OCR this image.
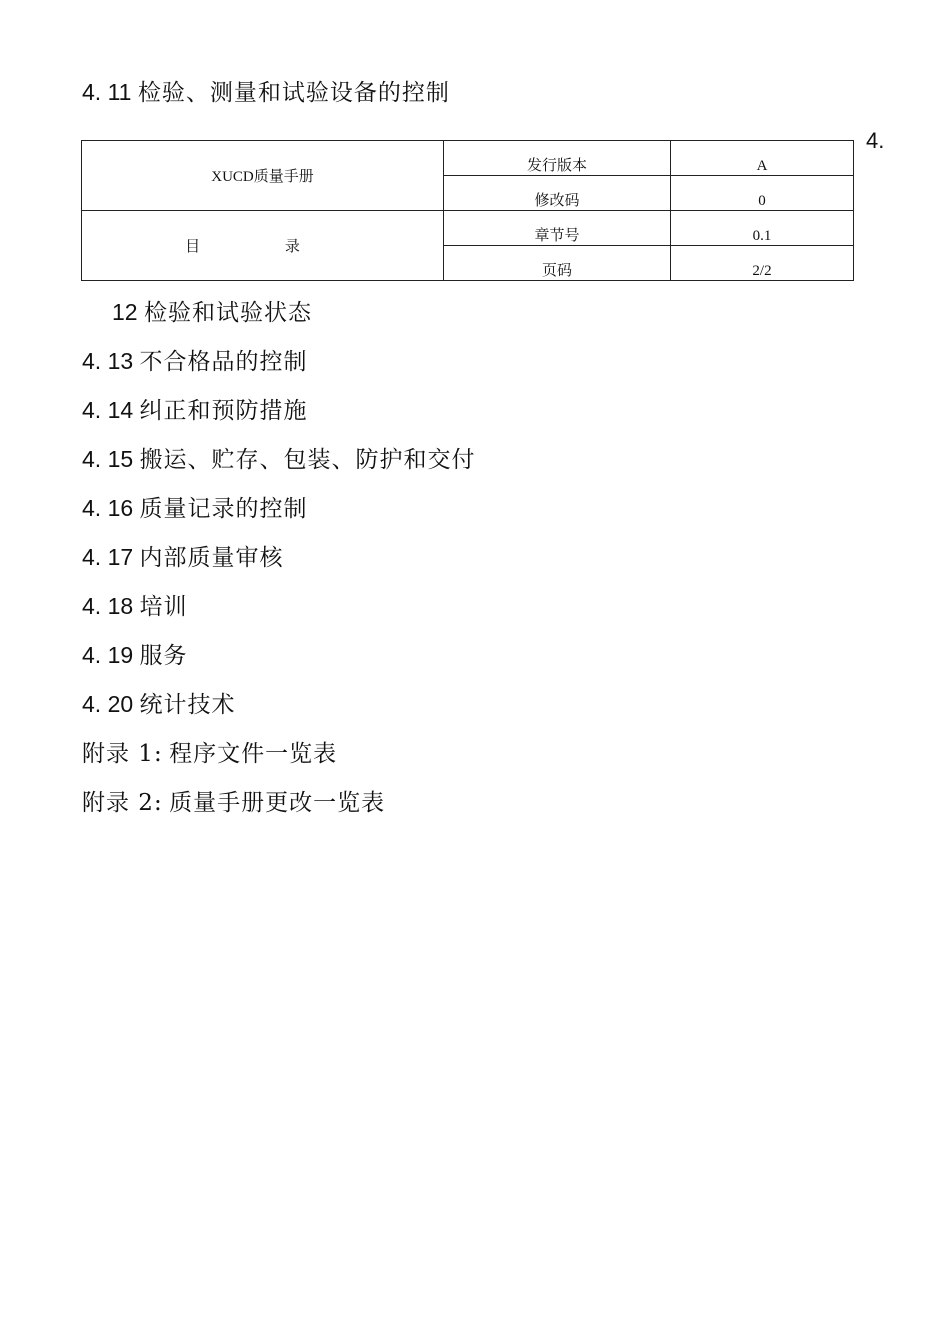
4. 11 检验、测量和试验设备的控制
4.
XUCD质量手册	发行版本	A
	修改码	0
目 录	章节号	0.1
	页码	2/2
12 检验和试验状态
4. 13 不合格品的控制
4. 14 纠正和预防措施
4. 15 搬运、贮存、包装、防护和交付
4. 16 质量记录的控制
4. 17 内部质量审核
4. 18 培训
4. 19 服务
4. 20 统计技术
附录 1: 程序文件一览表
附录 2: 质量手册更改一览表
